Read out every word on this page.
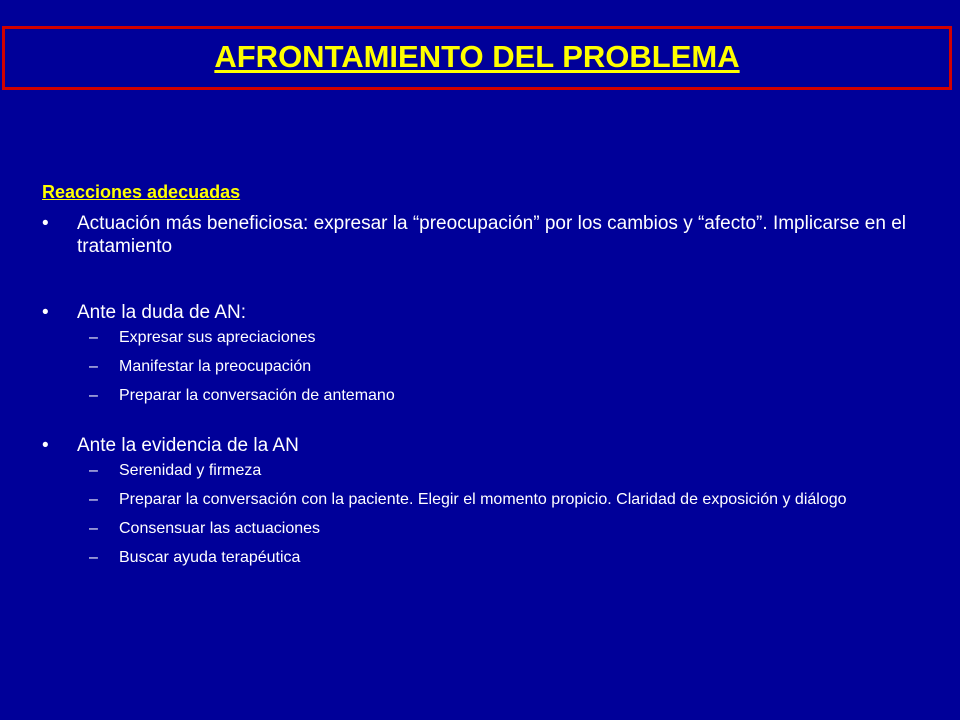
AFRONTAMIENTO DEL PROBLEMA

Reacciones adecuadas

• Actuación más beneficiosa: expresar la “preocupación” por los cambios y “afecto”. Implicarse en el tratamiento
• Ante la duda de AN:
– Expresar sus apreciaciones
– Manifestar la preocupación
– Preparar la conversación de antemano
• Ante la evidencia de la AN
– Serenidad y firmeza
– Preparar la conversación con la paciente. Elegir el momento propicio. Claridad de exposición y diálogo
– Consensuar las actuaciones
– Buscar ayuda terapéutica
